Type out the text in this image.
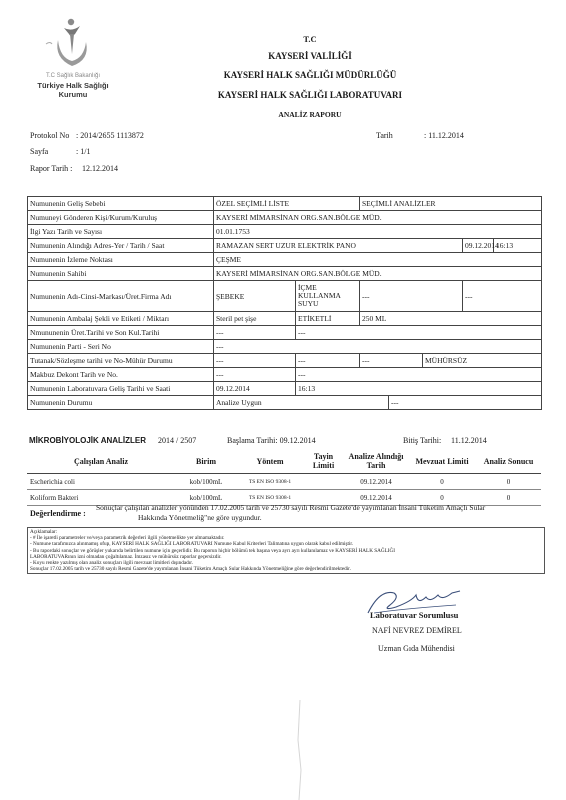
T.C Sağlık Bakanlığı
Türkiye Halk Sağlığı
Kurumu
T.C
KAYSERİ VALİLİĞİ
KAYSERİ HALK SAĞLIĞI MÜDÜRLÜĞÜ
KAYSERİ HALK SAĞLIĞI LABORATUVARI
ANALİZ RAPORU
Protokol No : 2014/2655 1113872	Tarih	: 11.12.2014
Sayfa	: 1/1
Rapor Tarih : 12.12.2014
Numunenin Geliş Sebebi	ÖZEL SEÇİMLİ LİSTE		SEÇİMLİ ANALİZLER				
Numuneyi Gönderen Kişi/Kurum/Kuruluş	KAYSERİ MİMARSİNAN ORG.SAN.BÖLGE MÜD.						
İlgi Yazı Tarih ve Sayısı	01.01.1753						
Numunenin Alındığı Adres-Yer / Tarih / Saat	RAMAZAN SERT UZUR ELEKTRİK PANO					09.12.2014	16:13
Numunenin İzleme Noktası	ÇEŞME						
Numunenin Sahibi	KAYSERİ MİMARSİNAN ORG.SAN.BÖLGE MÜD.						
Numunenin Adı-Cinsi-Markası/Üret.Firma Adı	ŞEBEKE	İÇME KULLANMA SUYU	---			---	
Numunenin Ambalaj Şekli ve Etiketi / Miktarı	Steril pet şişe	ETİKETLİ	250 ML				
Nmununenin Üret.Tarihi ve Son Kul.Tarihi	---	---					
Numunenin Parti - Seri No	---						
Tutanak/Sözleşme tarihi ve No-Mühür Durumu	---	---	---		MÜHÜRSÜZ		
Makbuz Dekont Tarih ve No.	---	---					
Numunenin Laboratuvara Geliş Tarihi ve Saati	09.12.2014	16:13					
Numunenin Durumu	Analize Uygun			---			
MİKROBİYOLOJİK ANALİZLER 2014 / 2507	Başlama Tarihi: 09.12.2014	Bitiş Tarihi: 11.12.2014
Çalışılan Analiz	Birim	Yöntem	Tayin Limiti	Analize Alındığı Tarih	Mevzuat Limiti	Analiz Sonucu
Escherichia coli	kob/100mL	TS EN ISO 9308-1		09.12.2014	0	0
Koliform Bakteri	kob/100mL	TS EN ISO 9308-1		09.12.2014	0	0
Değerlendirme :
Sonuçlar çalışılan analizler yönünden 17.02.2005 tarih ve 25730 sayılı Resmi Gazete'de yayımlanan İnsani Tüketim Amaçlı Sular
Hakkında Yönetmeliğ"ne göre uygundur.
Açıklamalar:
- # İle işaretli parametreler ve/veya parametrik değerleri ilgili yönetmelikte yer almamaktadır.
- Numune tarafımızca alınmamış ofup, KAYSERİ HALK SAĞLIĞI LABORATUVARI Numune Kabul Kriterleri Talimatına uygun olarak kabul edilmiştir.
- Bu rapordaki sonuçlar ve görüşler yukarıda belirtilen numune için geçerlidir. Bu raporun hiçbir bölümü tek başına veya ayrı ayrı kullanılamaz ve KAYSERİ HALK SAĞLIĞI
LABORATUVARının izni olmadan çoğaltılamaz. İmzasız ve mühürsüz raporlar geçersizdir.
- Koyu renkte yazılmış olan analiz sonuçları ilgili mevzuat limitleri dışındadır.
Sonuçlar 17.02.2005 tarih ve 25730 sayılı Resmi Gazete'de yayımlanan İnsani Tüketim Amaçlı Sular Hakkında Yönetmeliğine göre değerlendirilmektedir.
Laboratuvar Sorumlusu
NAFİ NEVREZ DEMİREL
Uzman Gıda Mühendisi
